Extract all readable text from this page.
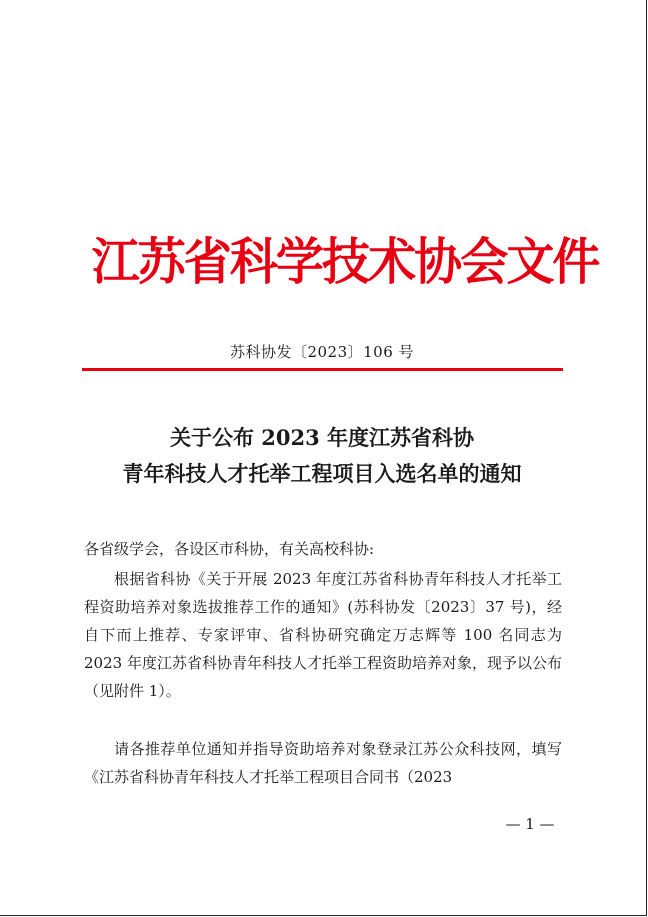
江苏省科学技术协会文件
苏科协发〔2023〕106 号
关于公布 2023 年度江苏省科协
青年科技人才托举工程项目入选名单的通知
各省级学会，各设区市科协，有关高校科协:
根据省科协《关于开展 2023 年度江苏省科协青年科技人才托举工程资助培养对象选拔推荐工作的通知》(苏科协发〔2023〕37 号)，经自下而上推荐、专家评审、省科协研究确定万志辉等 100 名同志为 2023 年度江苏省科协青年科技人才托举工程资助培养对象，现予以公布（见附件 1）。
请各推荐单位通知并指导资助培养对象登录江苏公众科技网，填写《江苏省科协青年科技人才托举工程项目合同书（2023
— 1 —
